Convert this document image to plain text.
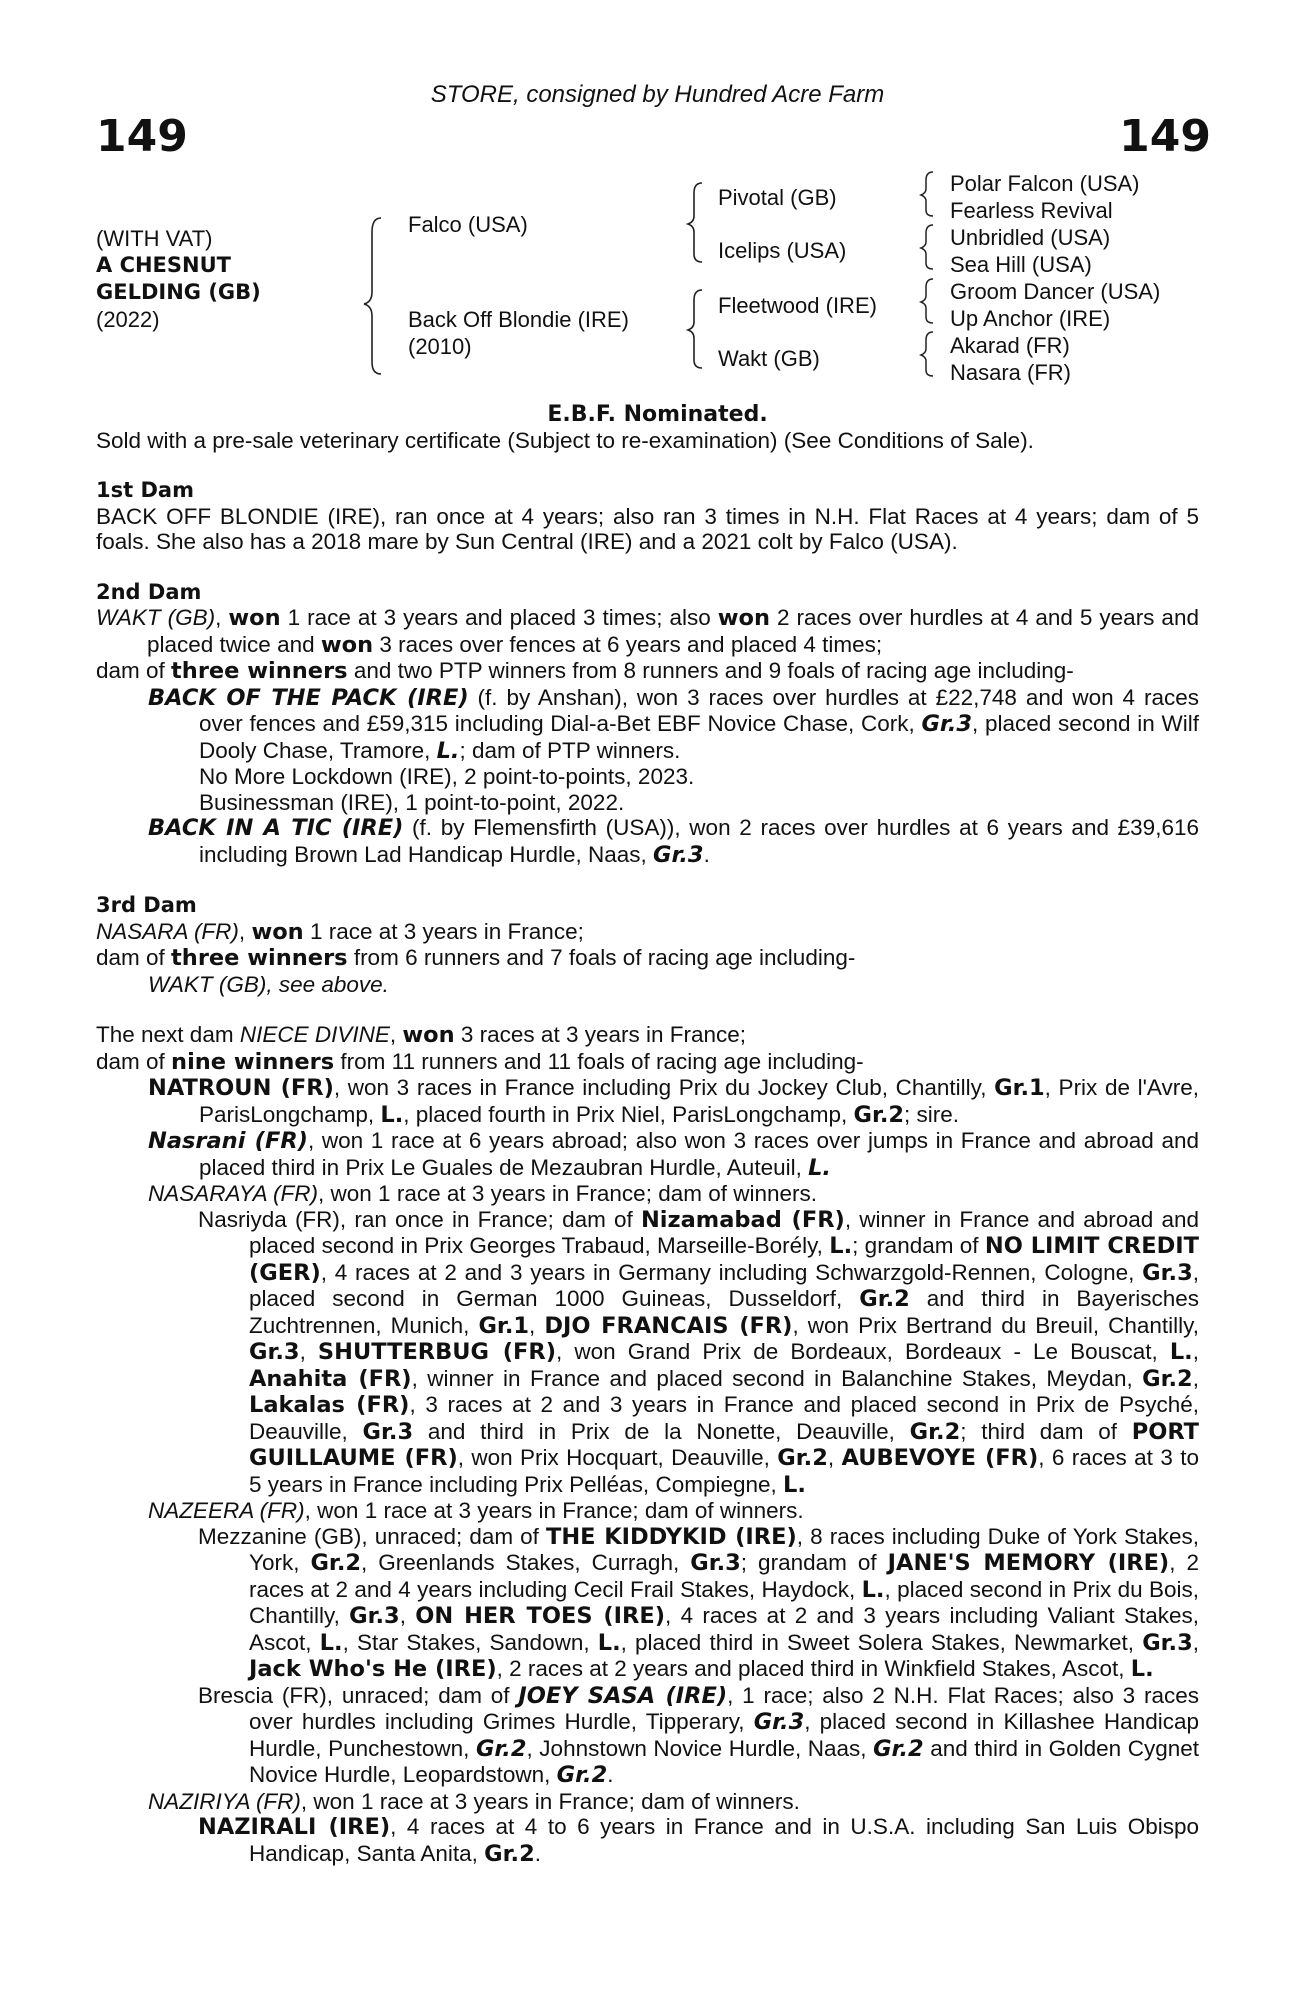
STORE, consigned by Hundred Acre Farm
149	149
(WITH VAT)
A CHESNUT
GELDING (GB)
(2022)
Falco (USA)
Back Off Blondie (IRE)
(2010)
Pivotal (GB)
Icelips (USA)
Fleetwood (IRE)
Wakt (GB)
Polar Falcon (USA)
Fearless Revival
Unbridled (USA)
Sea Hill (USA)
Groom Dancer (USA)
Up Anchor (IRE)
Akarad (FR)
Nasara (FR)
E.B.F. Nominated.
Sold with a pre-sale veterinary certificate (Subject to re-examination) (See Conditions of Sale).
1st Dam
BACK OFF BLONDIE (IRE), ran once at 4 years; also ran 3 times in N.H. Flat Races at 4 years; dam of 5 foals. She also has a 2018 mare by Sun Central (IRE) and a 2021 colt by Falco (USA).
2nd Dam
WAKT (GB), won 1 race at 3 years and placed 3 times; also won 2 races over hurdles at 4 and 5 years and placed twice and won 3 races over fences at 6 years and placed 4 times;
dam of three winners and two PTP winners from 8 runners and 9 foals of racing age including-
BACK OF THE PACK (IRE) (f. by Anshan), won 3 races over hurdles at £22,748 and won 4 races over fences and £59,315 including Dial-a-Bet EBF Novice Chase, Cork, Gr.3, placed second in Wilf Dooly Chase, Tramore, L.; dam of PTP winners.
No More Lockdown (IRE), 2 point-to-points, 2023.
Businessman (IRE), 1 point-to-point, 2022.
BACK IN A TIC (IRE) (f. by Flemensfirth (USA)), won 2 races over hurdles at 6 years and £39,616 including Brown Lad Handicap Hurdle, Naas, Gr.3.
3rd Dam
NASARA (FR), won 1 race at 3 years in France;
dam of three winners from 6 runners and 7 foals of racing age including-
WAKT (GB), see above.
The next dam NIECE DIVINE, won 3 races at 3 years in France;
dam of nine winners from 11 runners and 11 foals of racing age including-
NATROUN (FR), won 3 races in France including Prix du Jockey Club, Chantilly, Gr.1, Prix de l'Avre, ParisLongchamp, L., placed fourth in Prix Niel, ParisLongchamp, Gr.2; sire.
Nasrani (FR), won 1 race at 6 years abroad; also won 3 races over jumps in France and abroad and placed third in Prix Le Guales de Mezaubran Hurdle, Auteuil, L.
NASARAYA (FR), won 1 race at 3 years in France; dam of winners.
Nasriyda (FR), ran once in France; dam of Nizamabad (FR), winner in France and abroad and placed second in Prix Georges Trabaud, Marseille-Borély, L.; grandam of NO LIMIT CREDIT (GER), 4 races at 2 and 3 years in Germany including Schwarzgold-Rennen, Cologne, Gr.3, placed second in German 1000 Guineas, Dusseldorf, Gr.2 and third in Bayerisches Zuchtrennen, Munich, Gr.1, DJO FRANCAIS (FR), won Prix Bertrand du Breuil, Chantilly, Gr.3, SHUTTERBUG (FR), won Grand Prix de Bordeaux, Bordeaux - Le Bouscat, L., Anahita (FR), winner in France and placed second in Balanchine Stakes, Meydan, Gr.2, Lakalas (FR), 3 races at 2 and 3 years in France and placed second in Prix de Psyché, Deauville, Gr.3 and third in Prix de la Nonette, Deauville, Gr.2; third dam of PORT GUILLAUME (FR), won Prix Hocquart, Deauville, Gr.2, AUBEVOYE (FR), 6 races at 3 to 5 years in France including Prix Pelléas, Compiegne, L.
NAZEERA (FR), won 1 race at 3 years in France; dam of winners.
Mezzanine (GB), unraced; dam of THE KIDDYKID (IRE), 8 races including Duke of York Stakes, York, Gr.2, Greenlands Stakes, Curragh, Gr.3; grandam of JANE'S MEMORY (IRE), 2 races at 2 and 4 years including Cecil Frail Stakes, Haydock, L., placed second in Prix du Bois, Chantilly, Gr.3, ON HER TOES (IRE), 4 races at 2 and 3 years including Valiant Stakes, Ascot, L., Star Stakes, Sandown, L., placed third in Sweet Solera Stakes, Newmarket, Gr.3, Jack Who's He (IRE), 2 races at 2 years and placed third in Winkfield Stakes, Ascot, L.
Brescia (FR), unraced; dam of JOEY SASA (IRE), 1 race; also 2 N.H. Flat Races; also 3 races over hurdles including Grimes Hurdle, Tipperary, Gr.3, placed second in Killashee Handicap Hurdle, Punchestown, Gr.2, Johnstown Novice Hurdle, Naas, Gr.2 and third in Golden Cygnet Novice Hurdle, Leopardstown, Gr.2.
NAZIRIYA (FR), won 1 race at 3 years in France; dam of winners.
NAZIRALI (IRE), 4 races at 4 to 6 years in France and in U.S.A. including San Luis Obispo Handicap, Santa Anita, Gr.2.
